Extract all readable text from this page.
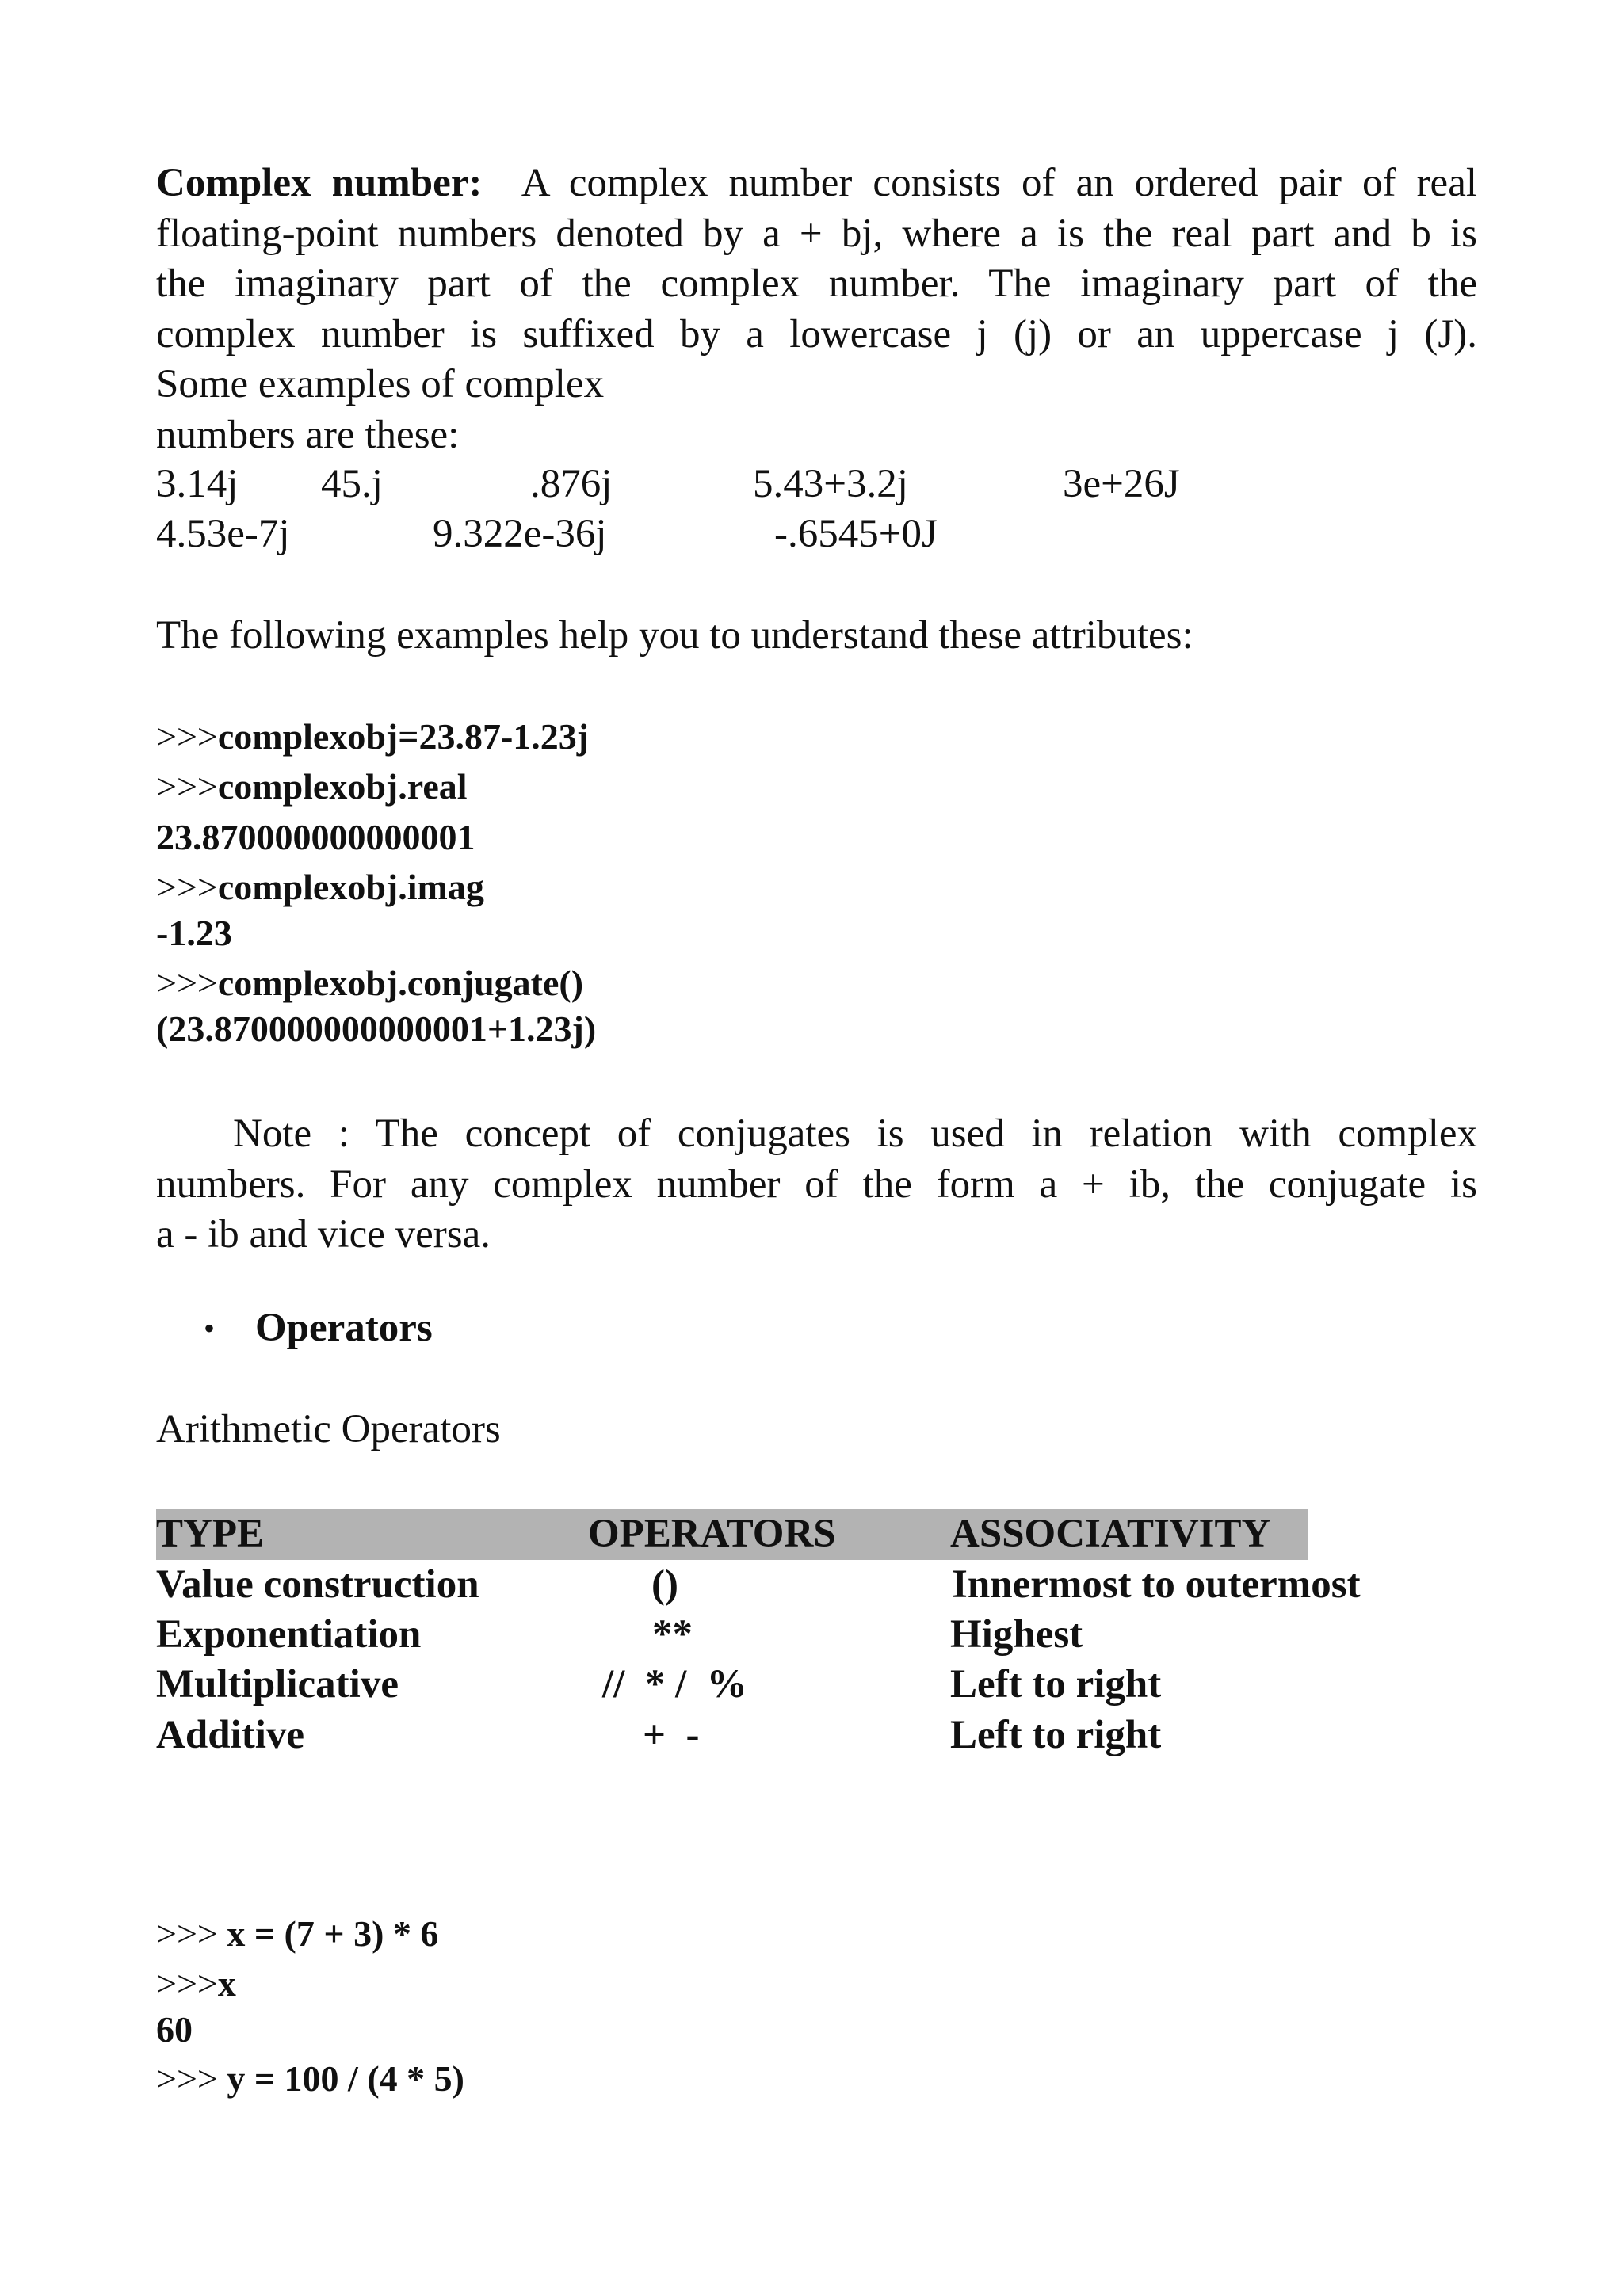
Complex number: A complex number consists of an ordered pair of real
floating-point numbers denoted by a + bj, where a is the real part and b is
the imaginary part of the complex number. The imaginary part of the
complex number is suffixed by a lowercase j (j) or an uppercase j (J).
Some examples of complex
numbers are these:
3.14j 45.j	.876j	5.43+3.2j	3e+26J
4.53e-7j	9.322e-36j	-.6545+0J
The following examples help you to understand these attributes:
>>>complexobj=23.87-1.23j
>>>complexobj.real
23.870000000000001
>>>complexobj.imag
-1.23
>>>complexobj.conjugate()
(23.870000000000001+1.23j)
Note : The concept of conjugates is used in relation with complex
numbers. For any complex number of the form a + ib, the conjugate is
a - ib and vice versa.
• Operators
Arithmetic Operators
TYPE	OPERATORS	ASSOCIATIVITY
Value construction	()	Innermost to outermost
Exponentiation	**	Highest
Multiplicative	//  * /  %	Left to right
Additive	+  -	Left to right
>>> x = (7 + 3) * 6
>>>x
60
>>> y = 100 / (4 * 5)
